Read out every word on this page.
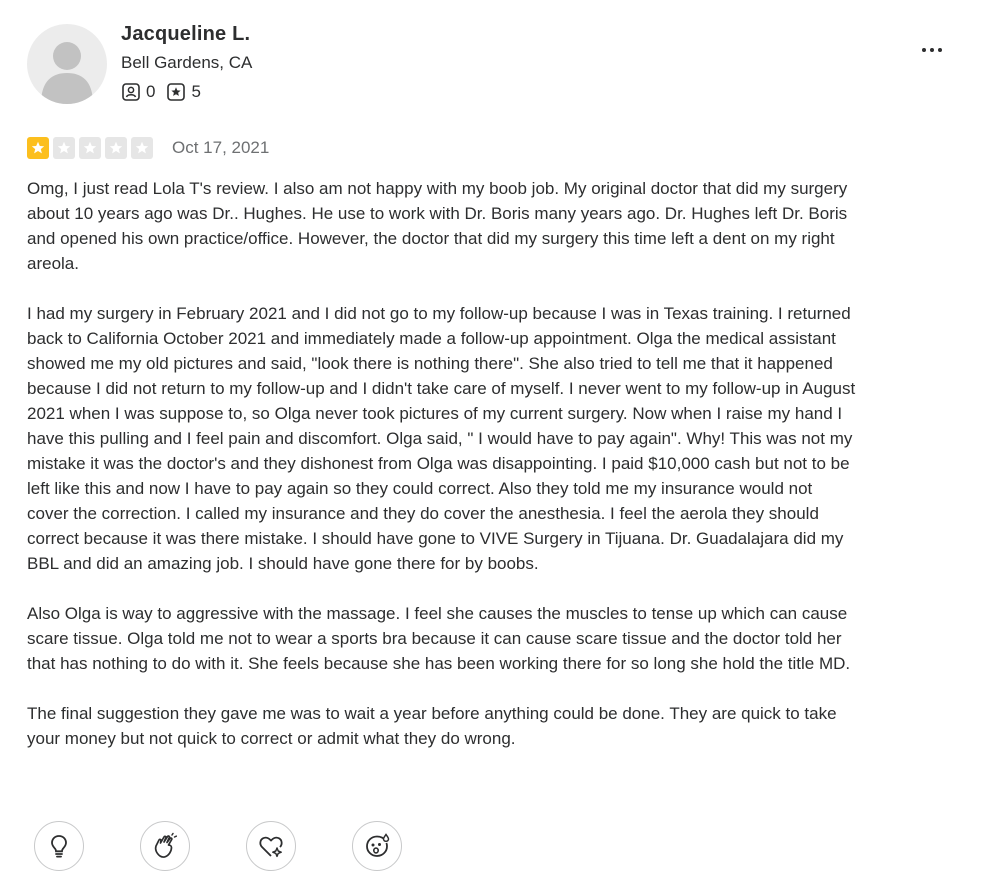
Jacqueline L.
Bell Gardens, CA
0 5
Oct 17, 2021

Omg, I just read Lola T's review. I also am not happy with my boob job. My original doctor that did my surgery about 10 years ago was Dr.. Hughes. He use to work with Dr. Boris many years ago. Dr. Hughes left Dr. Boris and opened his own practice/office. However, the doctor that did my surgery this time left a dent on my right areola.

I had my surgery in February 2021 and I did not go to my follow-up because I was in Texas training. I returned back to California October 2021 and immediately made a follow-up appointment. Olga the medical assistant showed me my old pictures and said, "look there is nothing there". She also tried to tell me that it happened because I did not return to my follow-up and I didn't take care of myself. I never went to my follow-up in August 2021 when I was suppose to, so Olga never took pictures of my current surgery. Now when I raise my hand I have this pulling and I feel pain and discomfort. Olga said, " I would have to pay again". Why! This was not my mistake it was the doctor's and they dishonest from Olga was disappointing. I paid $10,000 cash but not to be left like this and now I have to pay again so they could correct. Also they told me my insurance would not cover the correction. I called my insurance and they do cover the anesthesia. I feel the aerola they should correct because it was there mistake. I should have gone to VIVE Surgery in Tijuana. Dr. Guadalajara did my BBL and did an amazing job. I should have gone there for by boobs.

Also Olga is way to aggressive with the massage. I feel she causes the muscles to tense up which can cause scare tissue. Olga told me not to wear a sports bra because it can cause scare tissue and the doctor told her that has nothing to do with it. She feels because she has been working there for so long she hold the title MD.

The final suggestion they gave me was to wait a year before anything could be done. They are quick to take your money but not quick to correct or admit what they do wrong.
